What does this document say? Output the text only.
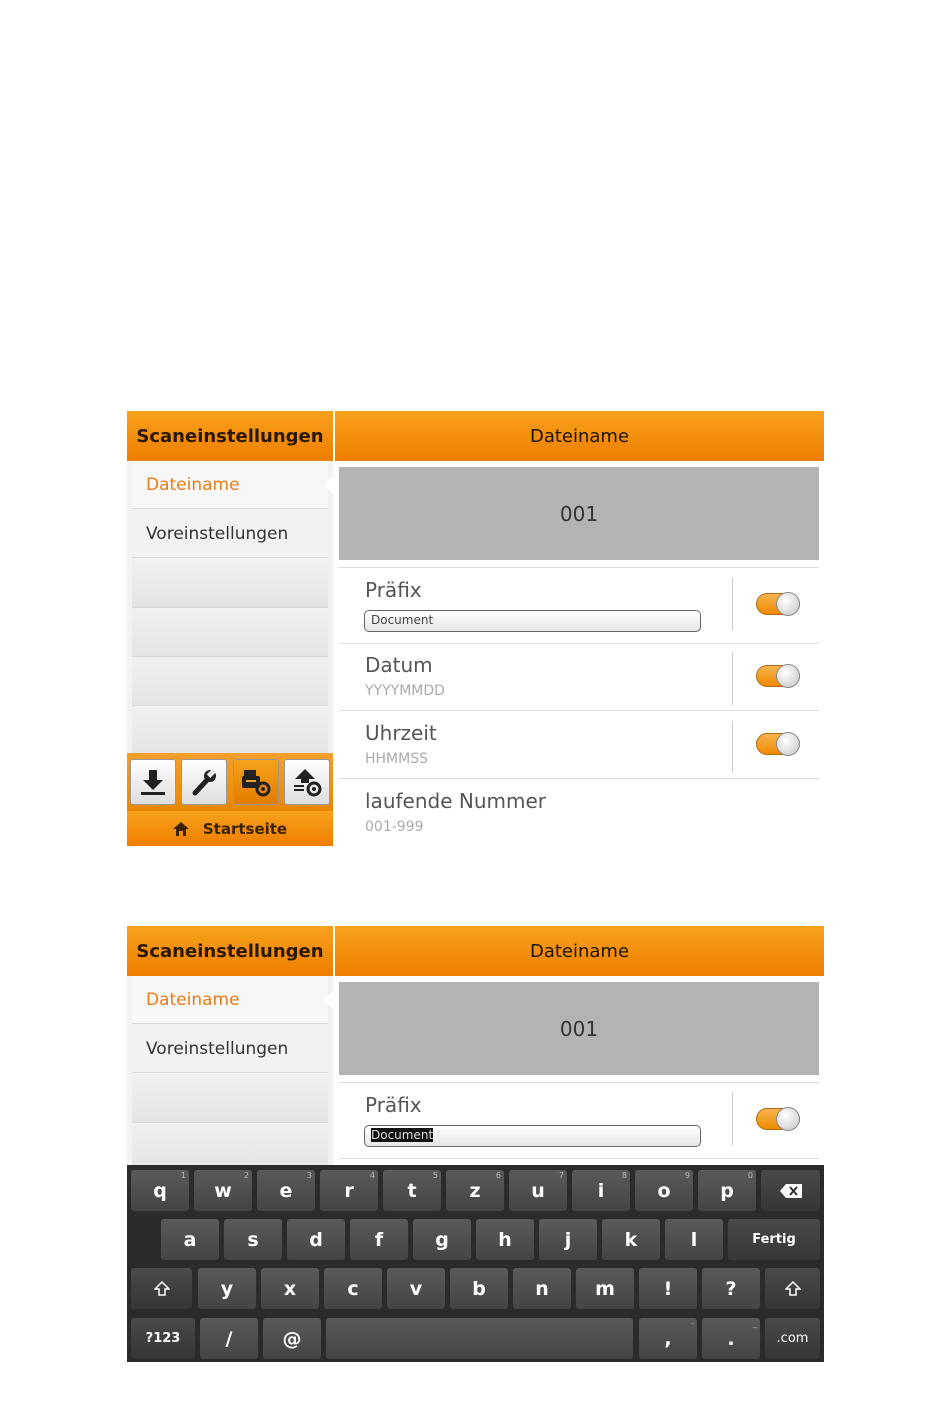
Scaneinstellungen	Dateiname
Dateiname
Voreinstellungen
Startseite
001
Präfix
Document
Datum
YYYYMMDD
Uhrzeit
HHMMSS
laufende Nummer
001-999
Scaneinstellungen	Dateiname
Dateiname
Voreinstellungen
001
Präfix
Document
q
1
w
2
e
3
r
4
t
5
z
6
u
7
i
8
o
9
p
0
a	s	d	f	g	h	j	k	l	Fertig
y	x	c	v	b	n	m	!	?
?123	/	@	,
-
.
_
.com
